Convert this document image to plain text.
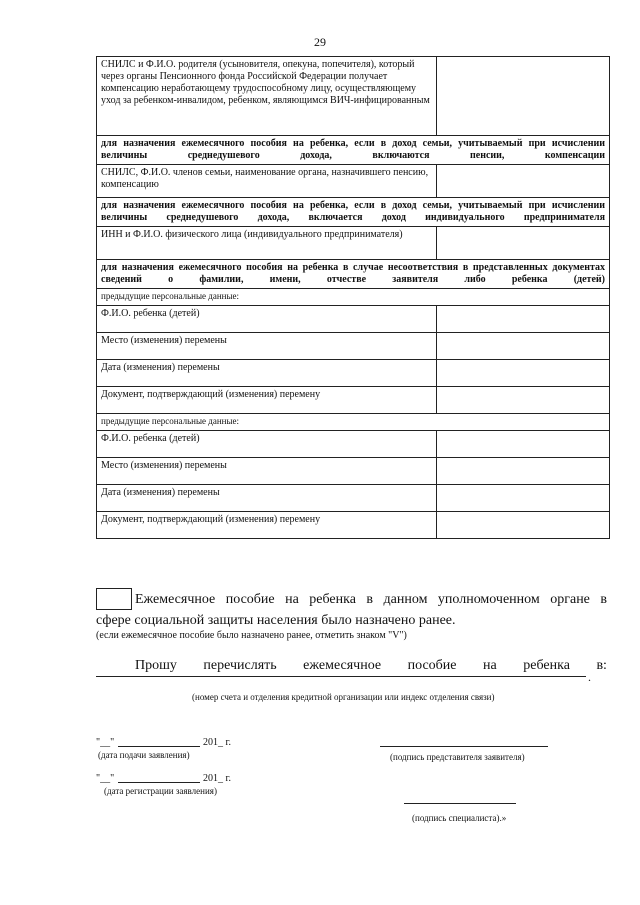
29
СНИЛС и Ф.И.О. родителя (усыновителя, опекуна, попечителя), который через органы Пенсионного фонда Российской Федерации получает компенсацию неработающему трудоспособному лицу, осуществляющему уход за ребенком-инвалидом, ребенком, являющимся ВИЧ-инфицированным	
для назначения ежемесячного пособия на ребенка, если в доход семьи, учитываемый при исчислении величины среднедушевого дохода, включаются пенсии, компенсации	
СНИЛС, Ф.И.О. членов семьи, наименование органа, назначившего пенсию, компенсацию	
для назначения ежемесячного пособия на ребенка, если в доход семьи, учитываемый при исчислении величины среднедушевого дохода, включается доход индивидуального предпринимателя	
ИНН и Ф.И.О. физического лица (индивидуального предпринимателя)	
для назначения ежемесячного пособия на ребенка в случае несоответствия в представленных документах сведений о фамилии, имени, отчестве заявителя либо ребенка (детей)	
предыдущие персональные данные:	
Ф.И.О. ребенка (детей)	
Место (изменения) перемены	
Дата (изменения) перемены	
Документ, подтверждающий (изменения) перемену	
предыдущие персональные данные:	
Ф.И.О. ребенка (детей)	
Место (изменения) перемены	
Дата (изменения) перемены	
Документ, подтверждающий (изменения) перемену	
Ежемесячное пособие на ребенка в данном уполномоченном органе в
сфере социальной защиты населения было назначено ранее.
(если ежемесячное пособие было назначено ранее, отметить знаком "V")
Прошу перечислять ежемесячное пособие на ребенка в:
.
(номер счета и отделения кредитной организации или индекс отделения связи)
"__"	201_ г.
(дата подачи заявления)	(подпись представителя заявителя)
"__"	201_ г.
(дата регистрации заявления)
(подпись специалиста).»
